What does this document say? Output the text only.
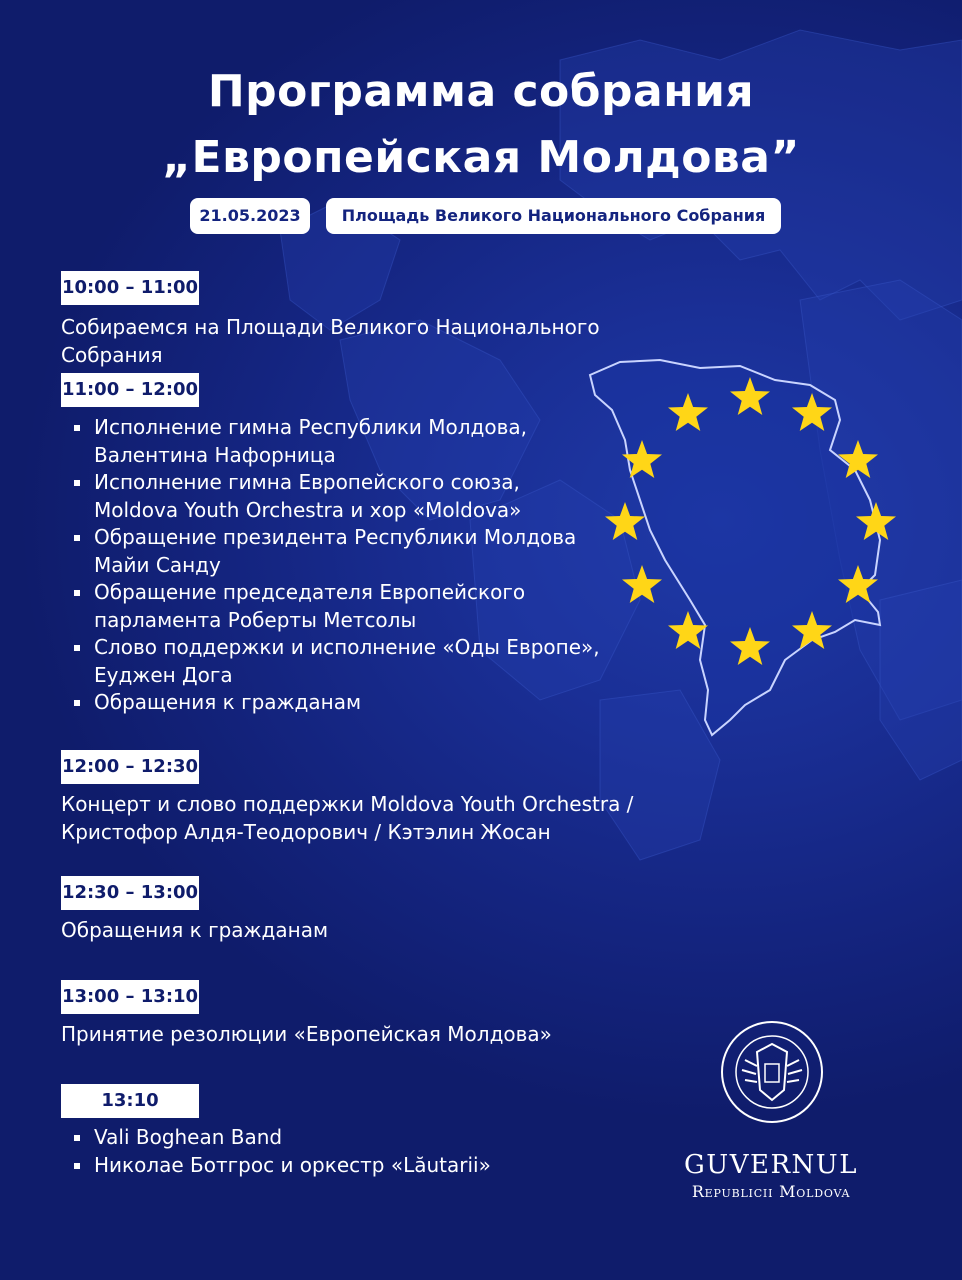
Программа собрания
„Европейская Молдова”
21.05.2023	Площадь Великого Национального Собрания
10:00 – 11:00
Собираемся на Площади Великого Национального
Собрания
11:00 – 12:00
Исполнение гимна Республики Молдова,
Валентина Нафорница
Исполнение гимна Европейского союза,
Moldova Youth Orchestra и хор «Moldova»
Обращение президента Республики Молдова
Майи Санду
Обращение председателя Европейского
парламента Роберты Метсолы
Слово поддержки и исполнение «Оды Европе»,
Еуджен Дога
Обращения к гражданам
12:00 – 12:30
Концерт и слово поддержки Moldova Youth Orchestra /
Кристофор Алдя-Теодорович / Кэтэлин Жосан
12:30 – 13:00
Обращения к гражданам
13:00 – 13:10
Принятие резолюции «Европейская Молдова»
13:10
Vali Boghean Band
Николае Ботгрос и оркестр «Lăutarii»	GUVERNUL
Republicii Moldova
